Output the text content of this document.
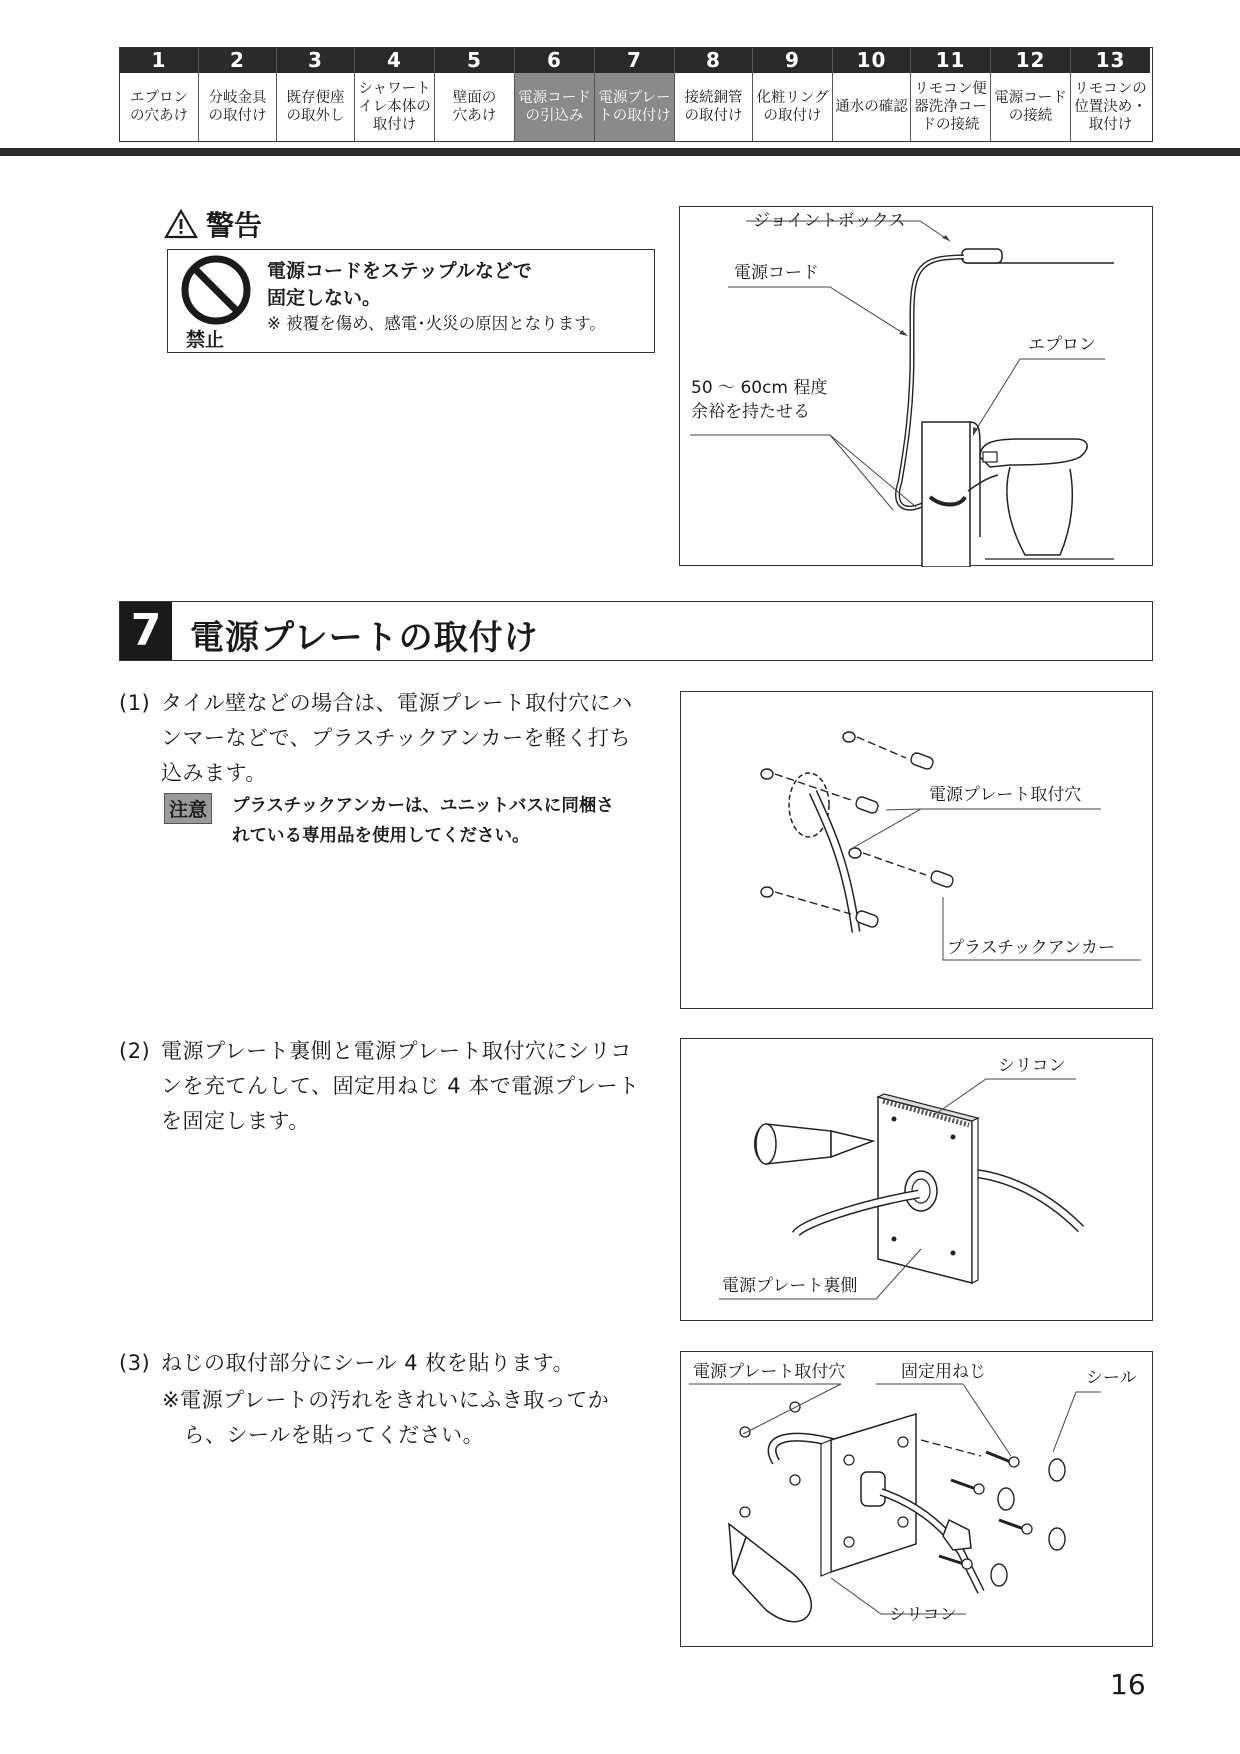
1
エプロン
の穴あけ
2
分岐金具
の取付け
3
既存便座
の取外し
4
シャワート
イレ本体の
取付け
5
壁面の
穴あけ
6
電源コード
の引込み
7
電源プレー
トの取付け
8
接続銅管
の取付け
9
化粧リング
の取付け
10
通水の確認
11
リモコン便
器洗浄コー
ドの接続
12
電源コード
の接続
13
リモコンの
位置決め・
取付け
警告
禁止
電源コードをステップルなどで
固定しない。
※ 被覆を傷め、感電･火災の原因となります。
ジョイントボックス
電源コード
エプロン
50 ～ 60cm 程度
余裕を持たせる
7 電源プレートの取付け
(1) タイル壁などの場合は、電源プレート取付穴にハ
ンマーなどで、プラスチックアンカーを軽く打ち
込みます。
注意 プラスチックアンカーは、ユニットバスに同梱さ
れている専用品を使用してください。
電源プレート取付穴
プラスチックアンカー
(2) 電源プレート裏側と電源プレート取付穴にシリコ
ンを充てんして、固定用ねじ 4 本で電源プレート
を固定します。
シリコン
電源プレート裏側
(3) ねじの取付部分にシール 4 枚を貼ります。
※電源プレートの汚れをきれいにふき取ってか
　ら、シールを貼ってください。
電源プレート取付穴	固定用ねじ	シール
シリコン
16
